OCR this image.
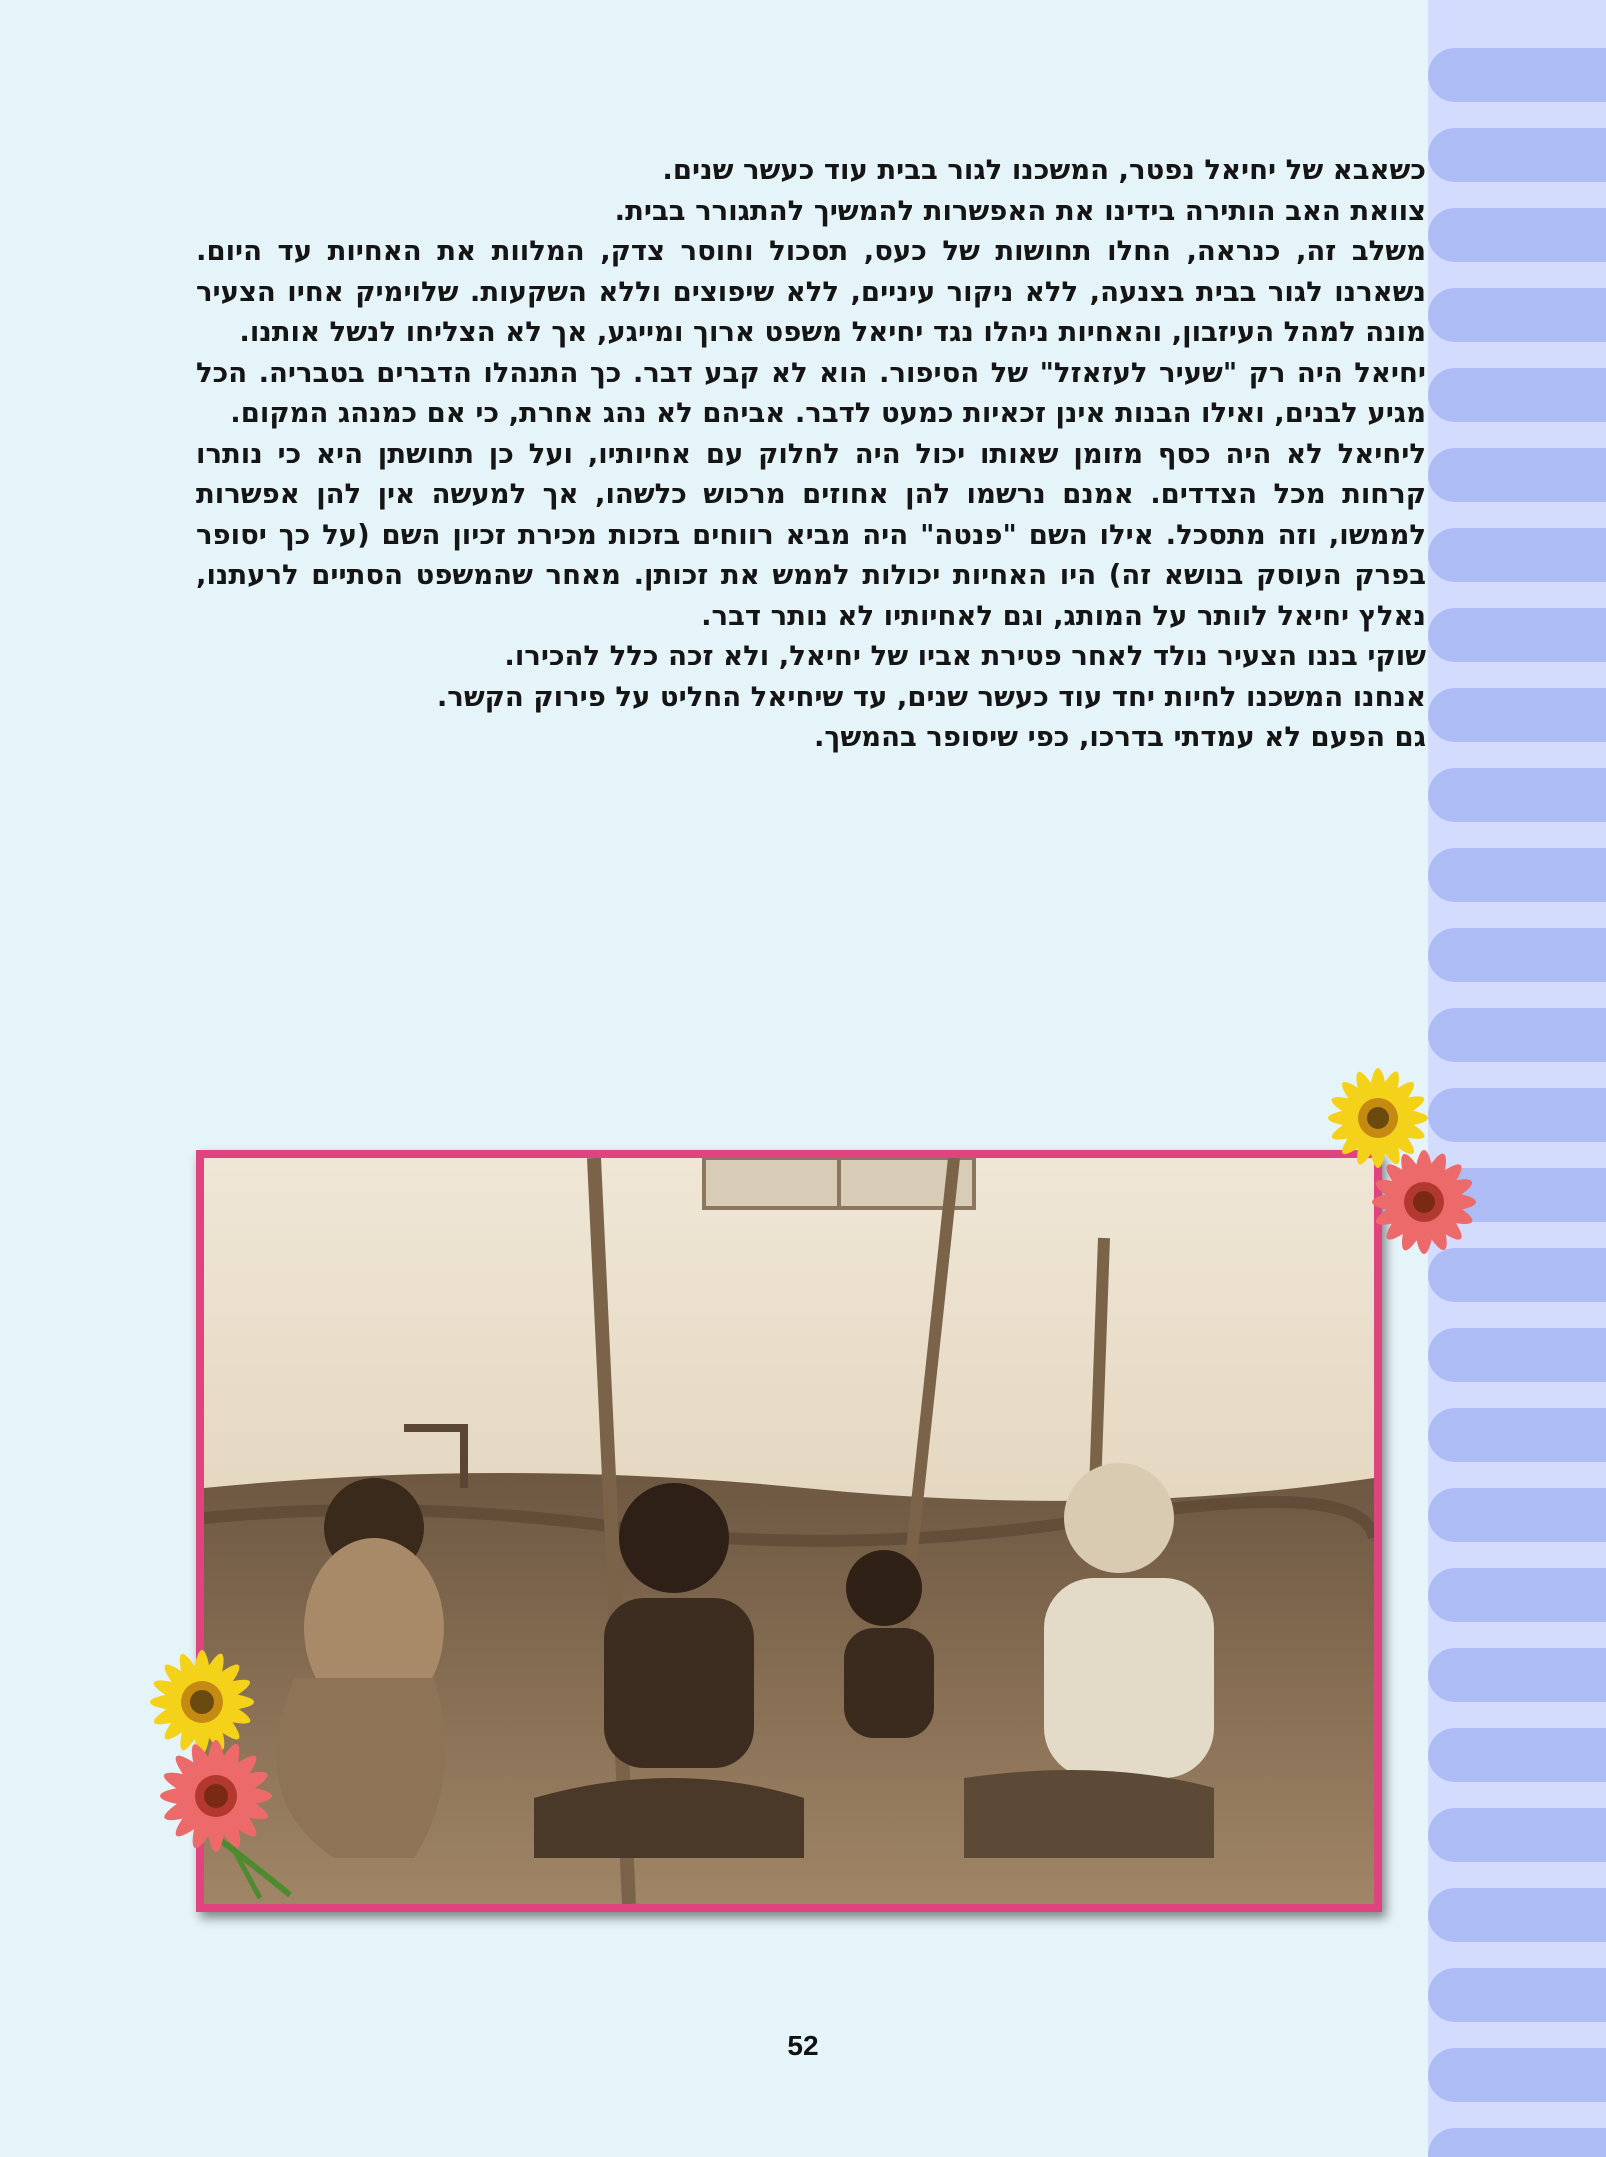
כשאבא של יחיאל נפטר, המשכנו לגור בבית עוד כעשר שנים.

צוואת האב הותירה בידינו את האפשרות להמשיך להתגורר בבית.

משלב זה, כנראה, החלו תחושות של כעס, תסכול וחוסר צדק, המלוות את האחיות עד היום. נשארנו לגור בבית בצנעה, ללא ניקור עיניים, ללא שיפוצים וללא השקעות. שלוימיק אחיו הצעיר מונה למהל העיזבון, והאחיות ניהלו נגד יחיאל משפט ארוך ומייגע, אך לא הצליחו לנשל אותנו.

יחיאל היה רק "שעיר לעזאזל" של הסיפור. הוא לא קבע דבר. כך התנהלו הדברים בטבריה. הכל מגיע לבנים, ואילו הבנות אינן זכאיות כמעט לדבר. אביהם לא נהג אחרת, כי אם כמנהג המקום.

ליחיאל לא היה כסף מזומן שאותו יכול היה לחלוק עם אחיותיו, ועל כן תחושתן היא כי נותרו קרחות מכל הצדדים. אמנם נרשמו להן אחוזים מרכוש כלשהו, אך למעשה אין להן אפשרות לממשו, וזה מתסכל. אילו השם "פנטה" היה מביא רווחים בזכות מכירת זכיון השם (על כך יסופר בפרק העוסק בנושא זה) היו האחיות יכולות לממש את זכותן. מאחר שהמשפט הסתיים לרעתנו, נאלץ יחיאל לוותר על המותג, וגם לאחיותיו לא נותר דבר.

שוקי בננו הצעיר נולד לאחר פטירת אביו של יחיאל, ולא זכה כלל להכירו.

אנחנו המשכנו לחיות יחד עוד כעשר שנים, עד שיחיאל החליט על פירוק הקשר.

גם הפעם לא עמדתי בדרכו, כפי שיסופר בהמשך.

52
